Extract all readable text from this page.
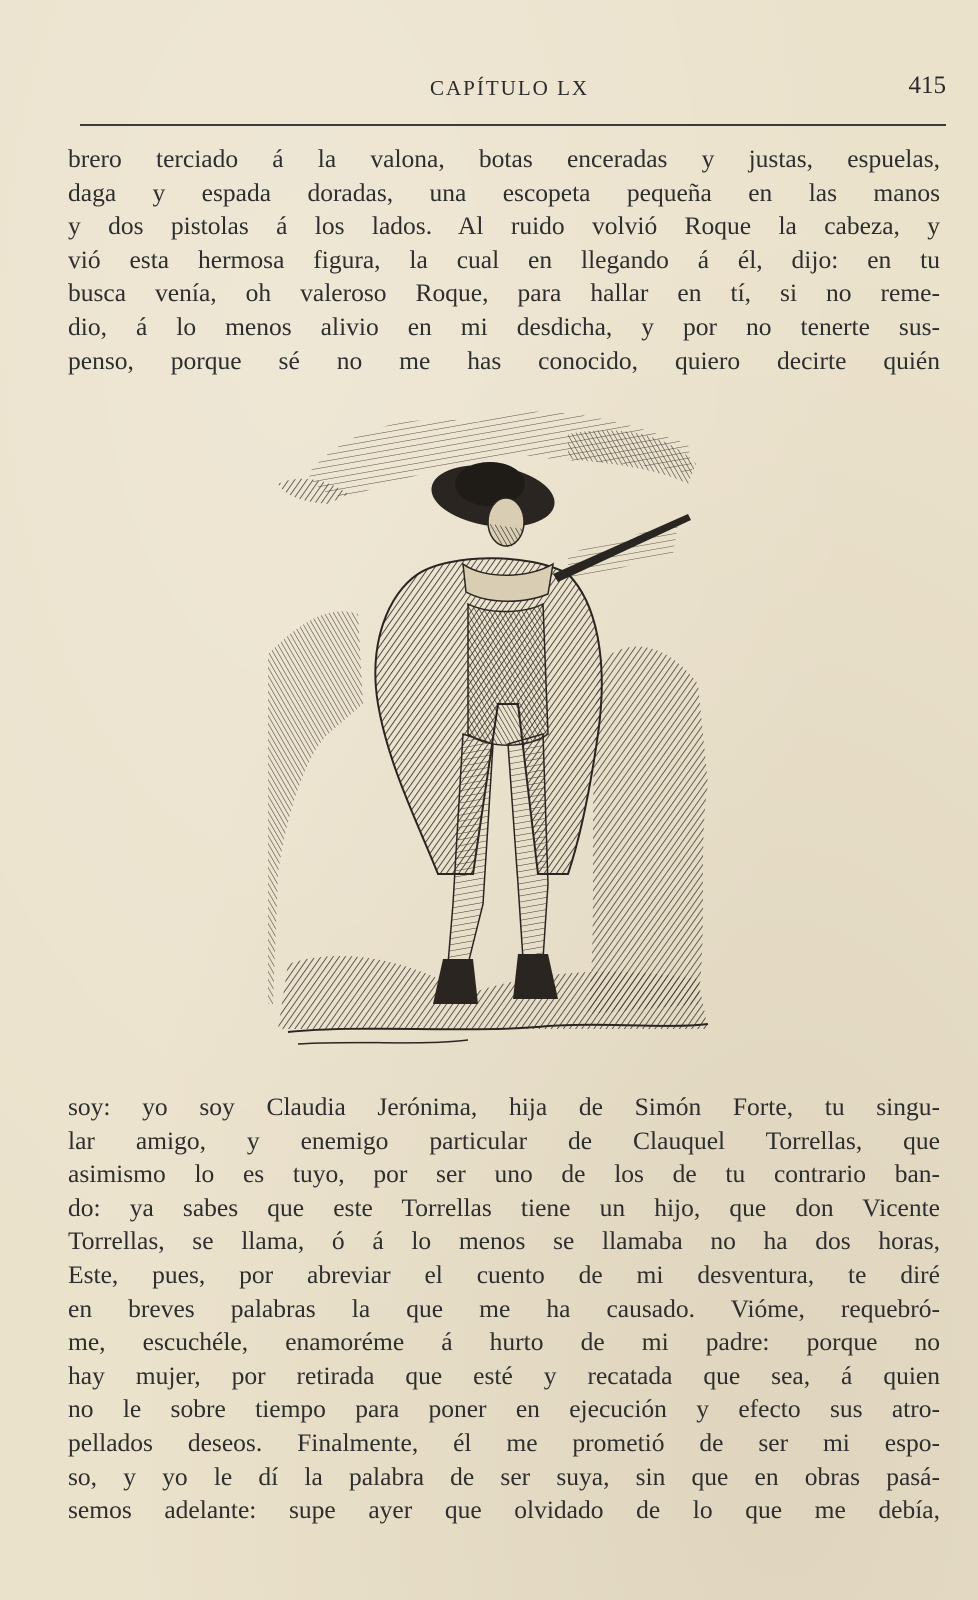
CAPÍTULO LX	415
brero terciado á la valona, botas enceradas y justas, espuelas,
daga y espada doradas, una escopeta pequeña en las manos
y dos pistolas á los lados. Al ruido volvió Roque la cabeza, y
vió esta hermosa figura, la cual en llegando á él, dijo: en tu
busca venía, oh valeroso Roque, para hallar en tí, si no reme-
dio, á lo menos alivio en mi desdicha, y por no tenerte sus-
penso, porque sé no me has conocido, quiero decirte quién
soy: yo soy Claudia Jerónima, hija de Simón Forte, tu singu-
lar amigo, y enemigo particular de Clauquel Torrellas, que
asimismo lo es tuyo, por ser uno de los de tu contrario ban-
do: ya sabes que este Torrellas tiene un hijo, que don Vicente
Torrellas, se llama, ó á lo menos se llamaba no ha dos horas,
Este, pues, por abreviar el cuento de mi desventura, te diré
en breves palabras la que me ha causado. Vióme, requebró-
me, escuchéle, enamoréme á hurto de mi padre: porque no
hay mujer, por retirada que esté y recatada que sea, á quien
no le sobre tiempo para poner en ejecución y efecto sus atro-
pellados deseos. Finalmente, él me prometió de ser mi espo-
so, y yo le dí la palabra de ser suya, sin que en obras pasá-
semos adelante: supe ayer que olvidado de lo que me debía,
